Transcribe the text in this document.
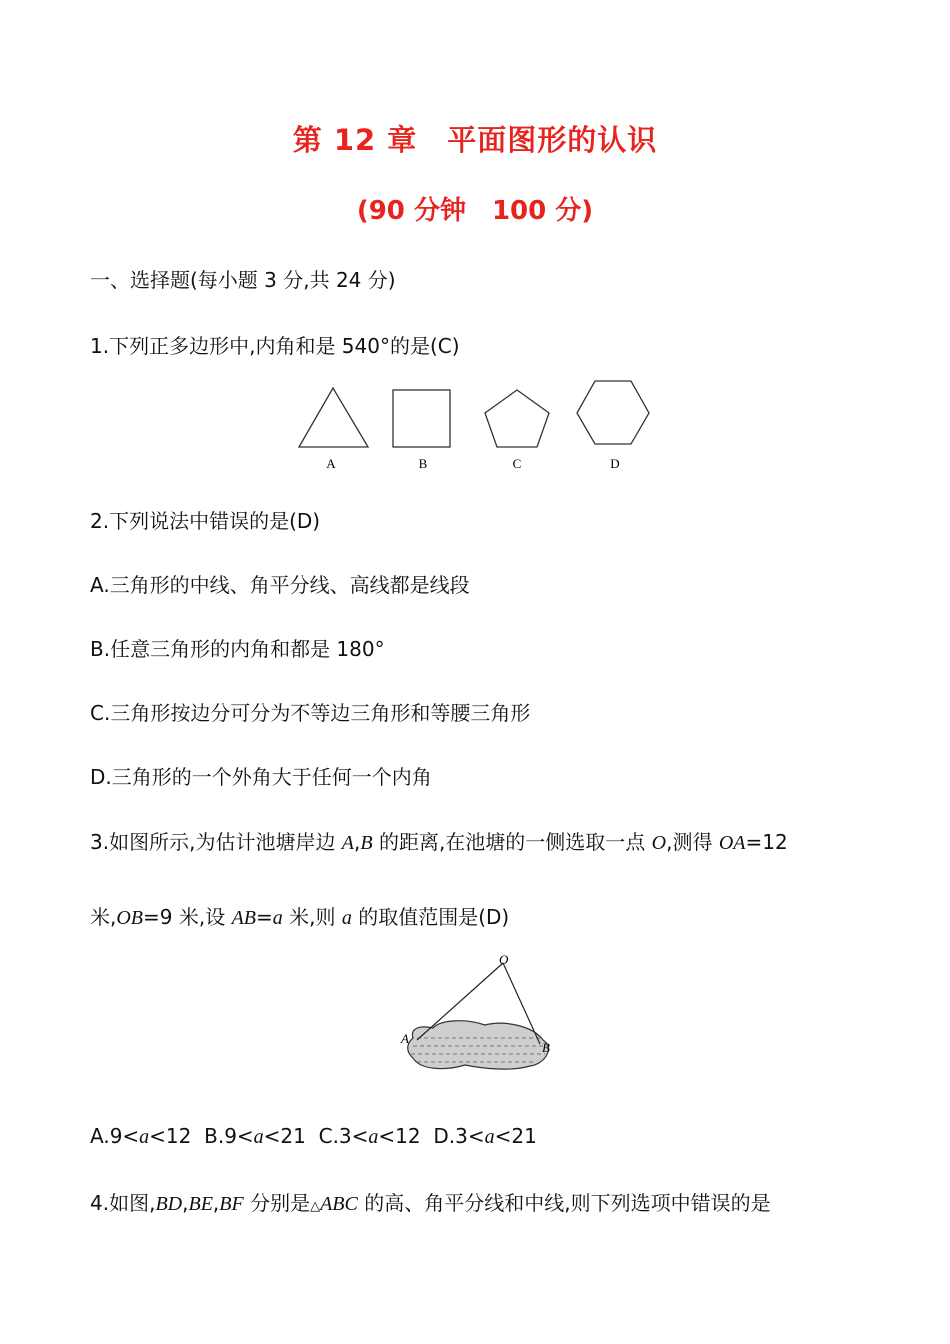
第 12 章　平面图形的认识
(90 分钟　100 分)
一、选择题(每小题 3 分,共 24 分)
1.下列正多边形中,内角和是 540°的是(C)
A	B	C	D
2.下列说法中错误的是(D)
A.三角形的中线、角平分线、高线都是线段
B.任意三角形的内角和都是 180°
C.三角形按边分可分为不等边三角形和等腰三角形
D.三角形的一个外角大于任何一个内角
3.如图所示,为估计池塘岸边 A,B 的距离,在池塘的一侧选取一点 O,测得 OA=12
米,OB=9 米,设 AB=a 米,则 a 的取值范围是(D)
O
A
B
A.9<a<12 B.9<a<21 C.3<a<12 D.3<a<21
4.如图,BD,BE,BF 分别是△ABC 的高、角平分线和中线,则下列选项中错误的是
